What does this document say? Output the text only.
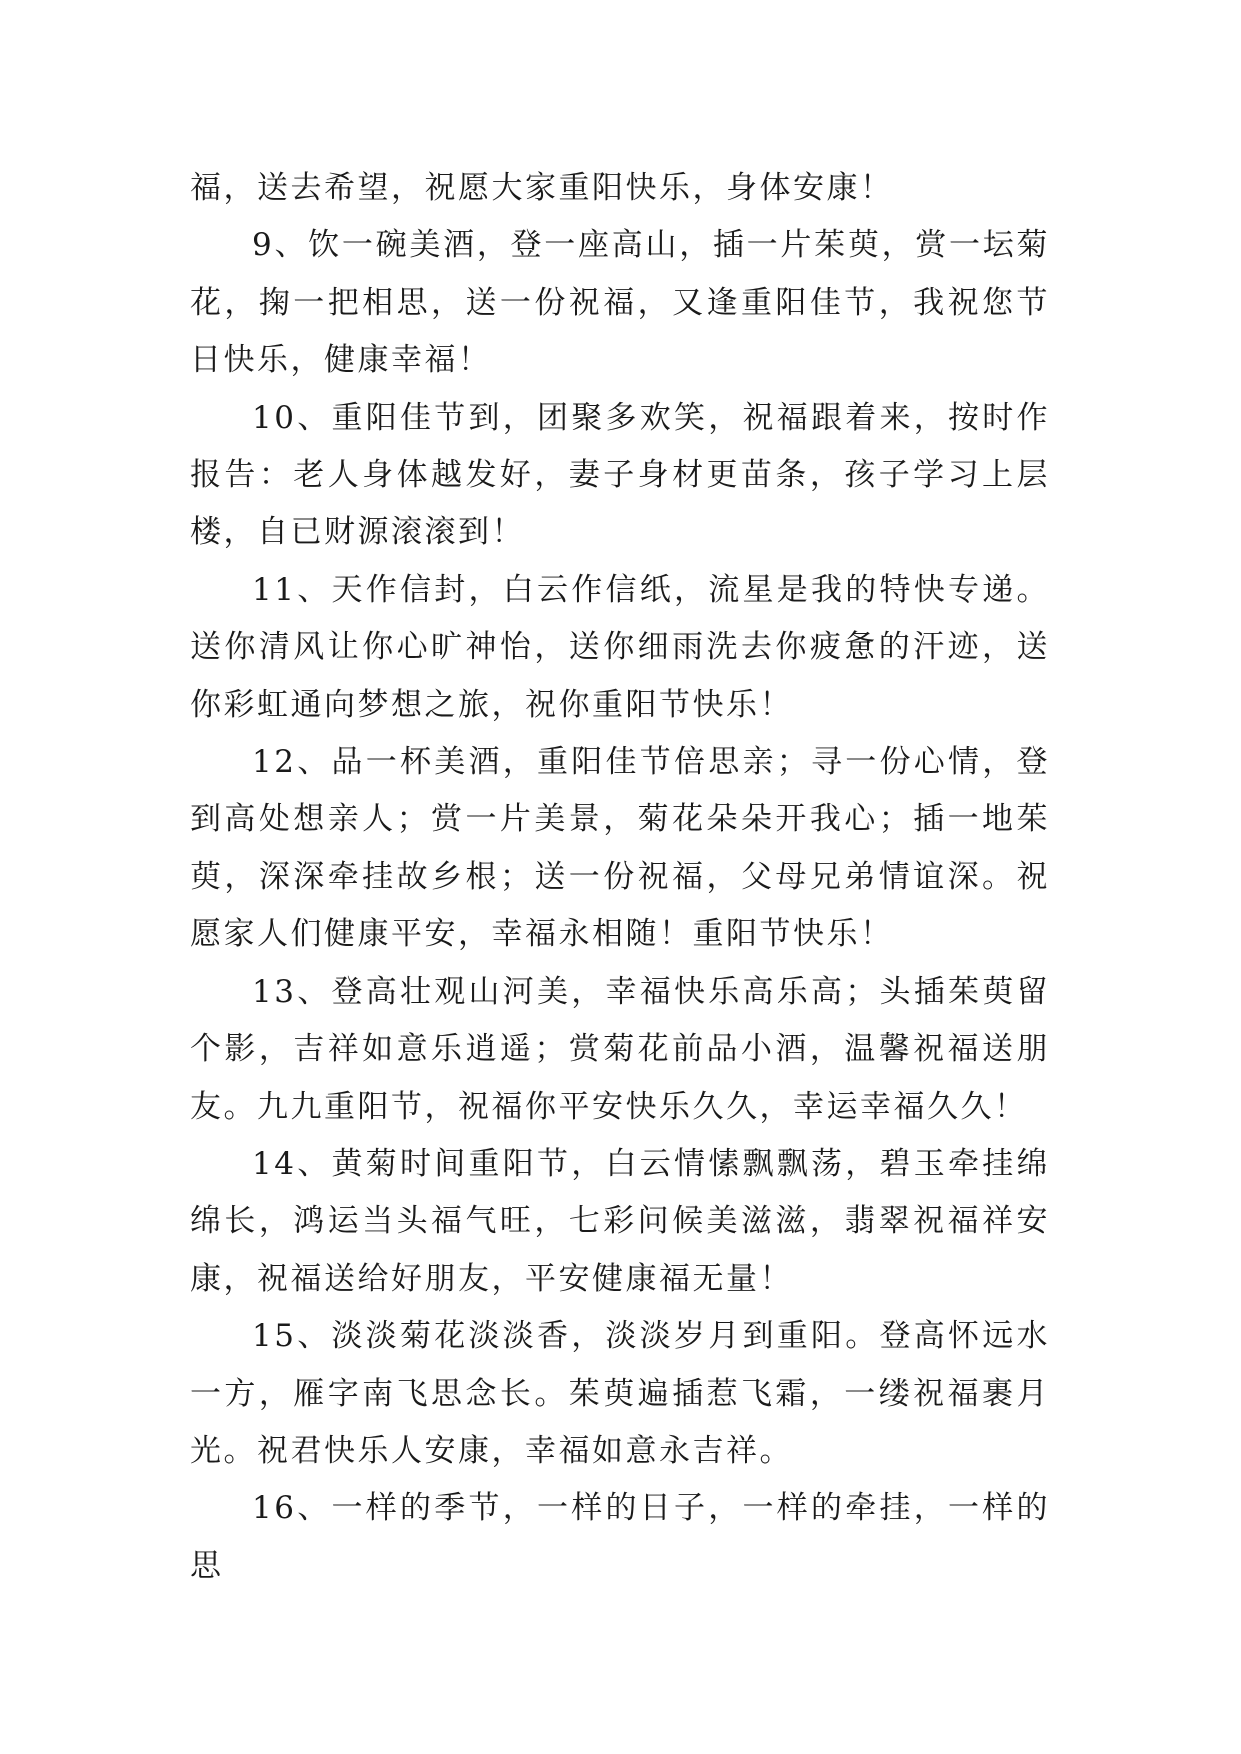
福，送去希望，祝愿大家重阳快乐，身体安康！

9、饮一碗美酒，登一座高山，插一片茱萸，赏一坛菊花，掬一把相思，送一份祝福，又逢重阳佳节，我祝您节日快乐，健康幸福！

10、重阳佳节到，团聚多欢笑，祝福跟着来，按时作报告：老人身体越发好，妻子身材更苗条，孩子学习上层楼，自已财源滚滚到！

11、天作信封，白云作信纸，流星是我的特快专递。送你清风让你心旷神怡，送你细雨洗去你疲惫的汗迹，送你彩虹通向梦想之旅，祝你重阳节快乐！

12、品一杯美酒，重阳佳节倍思亲；寻一份心情，登到高处想亲人；赏一片美景，菊花朵朵开我心；插一地茱萸，深深牵挂故乡根；送一份祝福，父母兄弟情谊深。祝愿家人们健康平安，幸福永相随！重阳节快乐！

13、登高壮观山河美，幸福快乐高乐高；头插茱萸留个影，吉祥如意乐逍遥；赏菊花前品小酒，温馨祝福送朋友。九九重阳节，祝福你平安快乐久久，幸运幸福久久！

14、黄菊时间重阳节，白云情愫飘飘荡，碧玉牵挂绵绵长，鸿运当头福气旺，七彩问候美滋滋，翡翠祝福祥安康，祝福送给好朋友，平安健康福无量！

15、淡淡菊花淡淡香，淡淡岁月到重阳。登高怀远水一方，雁字南飞思念长。茱萸遍插惹飞霜，一缕祝福裹月光。祝君快乐人安康，幸福如意永吉祥。

16、一样的季节，一样的日子，一样的牵挂，一样的思
